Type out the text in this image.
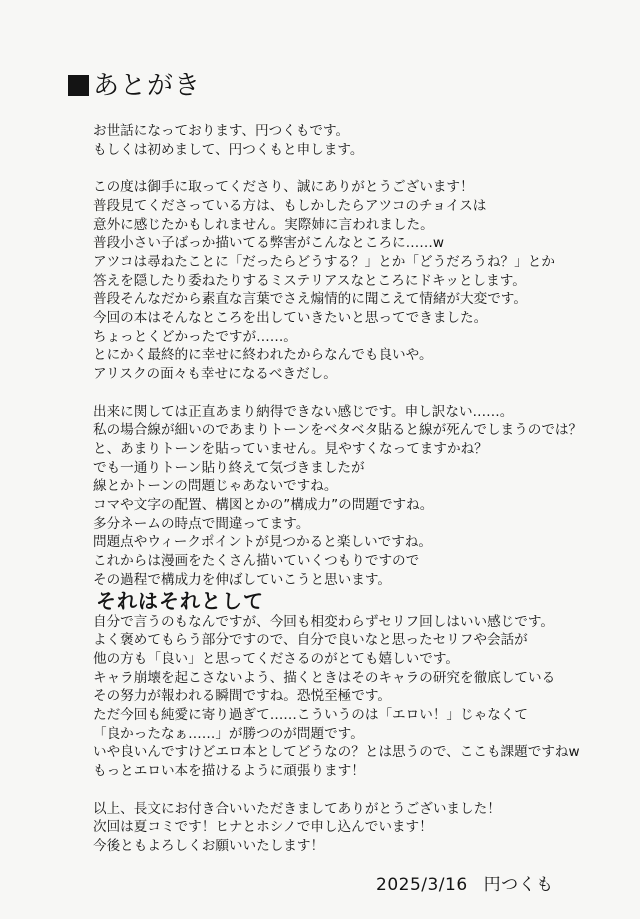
あとがき

お世話になっております、円つくもです。

もしくは初めまして、円つくもと申します。

この度は御手に取ってくださり、誠にありがとうございます！

普段見てくださっている方は、もしかしたらアツコのチョイスは

意外に感じたかもしれません。実際姉に言われました。

普段小さい子ばっか描いてる弊害がこんなところに……w

アツコは尋ねたことに「だったらどうする？」とか「どうだろうね？」とか

答えを隠したり委ねたりするミステリアスなところにドキッとします。

普段そんなだから素直な言葉でさえ煽情的に聞こえて情緒が大変です。

今回の本はそんなところを出していきたいと思ってできました。

ちょっとくどかったですが……。

とにかく最終的に幸せに終われたからなんでも良いや。

アリスクの面々も幸せになるべきだし。

出来に関しては正直あまり納得できない感じです。申し訳ない……。

私の場合線が細いのであまりトーンをベタベタ貼ると線が死んでしまうのでは？

と、あまりトーンを貼っていません。見やすくなってますかね？

でも一通りトーン貼り終えて気づきましたが

線とかトーンの問題じゃあないですね。

コマや文字の配置、構図とかの”構成力”の問題ですね。

多分ネームの時点で間違ってます。

問題点やウィークポイントが見つかると楽しいですね。

これからは漫画をたくさん描いていくつもりですので

その過程で構成力を伸ばしていこうと思います。

それはそれとして

自分で言うのもなんですが、今回も相変わらずセリフ回しはいい感じです。

よく褒めてもらう部分ですので、自分で良いなと思ったセリフや会話が

他の方も「良い」と思ってくださるのがとても嬉しいです。

キャラ崩壊を起こさないよう、描くときはそのキャラの研究を徹底している

その努力が報われる瞬間ですね。恐悦至極です。

ただ今回も純愛に寄り過ぎて……こういうのは「エロい！」じゃなくて

「良かったなぁ……」が勝つのが問題です。

いや良いんですけどエロ本としてどうなの？とは思うので、ここも課題ですねw

もっとエロい本を描けるように頑張ります！

以上、長文にお付き合いいただきましてありがとうございました！

次回は夏コミです！ヒナとホシノで申し込んでいます！

今後ともよろしくお願いいたします！

2025/3/16 円つくも
